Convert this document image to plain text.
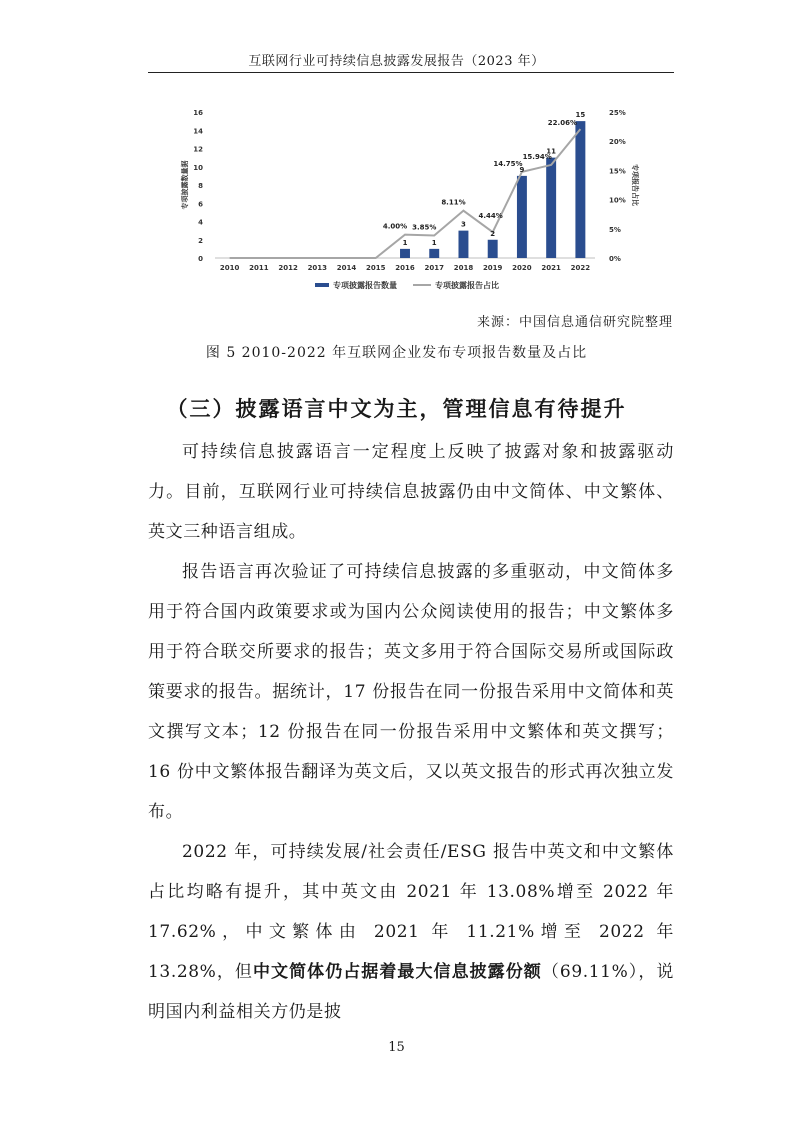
互联网行业可持续信息披露发展报告（2023 年）
0
2
4
6
8
10
12
14
16
0%
5%
10%
15%
20%
25%
专项披露数量据	专项报告占比
2010 2011 2012 2013 2014 2015 2016 2017 2018 2019 2020 2021 2022
1	1
3
2
9
11
15
4.00% 3.85%
8.11%
4.44%
14.75%
15.94%
22.06%
专项披露报告数量	专项披露报告占比
来源：中国信息通信研究院整理
图 5 2010-2022 年互联网企业发布专项报告数量及占比
（三）披露语言中文为主，管理信息有待提升

可持续信息披露语言一定程度上反映了披露对象和披露驱动力。目前，互联网行业可持续信息披露仍由中文简体、中文繁体、英文三种语言组成。

报告语言再次验证了可持续信息披露的多重驱动，中文简体多用于符合国内政策要求或为国内公众阅读使用的报告；中文繁体多用于符合联交所要求的报告；英文多用于符合国际交易所或国际政策要求的报告。据统计，17 份报告在同一份报告采用中文简体和英文撰写文本；12 份报告在同一份报告采用中文繁体和英文撰写；16 份中文繁体报告翻译为英文后，又以英文报告的形式再次独立发布。

2022 年，可持续发展/社会责任/ESG 报告中英文和中文繁体占比均略有提升，其中英文由 2021 年 13.08%增至 2022 年 17.62%，中文繁体由 2021 年 11.21%增至 2022 年 13.28%，但中文简体仍占据着最大信息披露份额（69.11%），说明国内利益相关方仍是披

15
